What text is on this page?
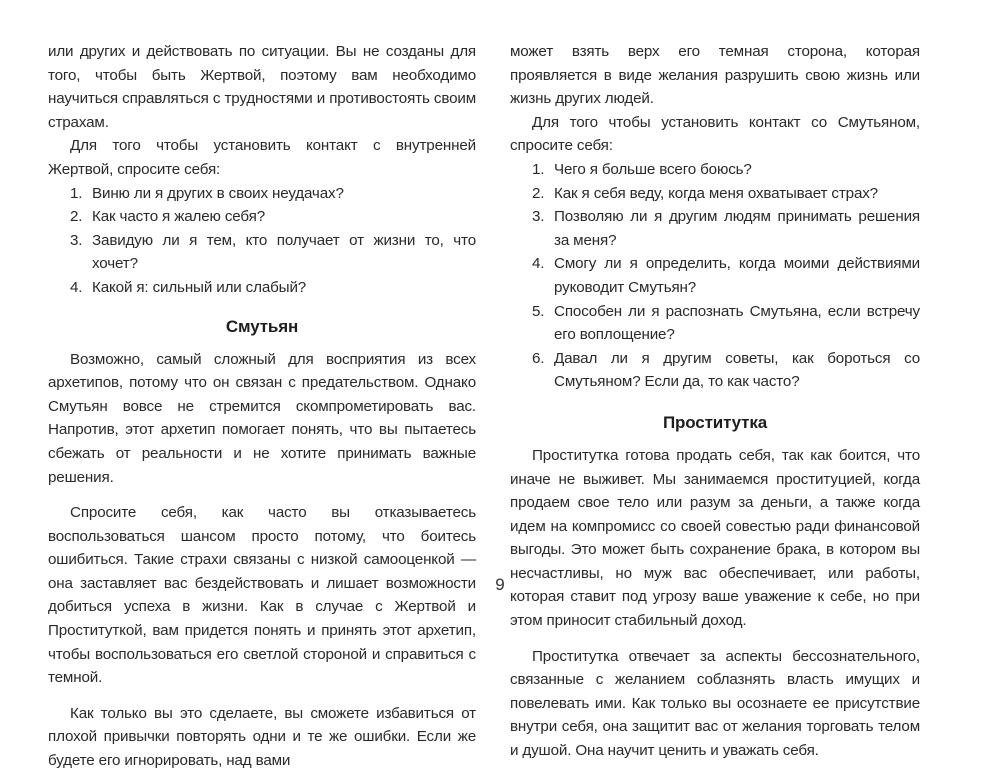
или других и действовать по ситуации. Вы не созданы для того, чтобы быть Жертвой, поэтому вам необходимо научиться справляться с трудностями и противостоять своим страхам.

Для того чтобы установить контакт с внутренней Жертвой, спросите себя:

1. Виню ли я других в своих неудачах?
2. Как часто я жалею себя?
3. Завидую ли я тем, кто получает от жизни то, что хочет?
4. Какой я: сильный или слабый?
Смутьян

Возможно, самый сложный для восприятия из всех архетипов, потому что он связан с предательством. Однако Смутьян вовсе не стремится скомпрометировать вас. Напротив, этот архетип помогает понять, что вы пытаетесь сбежать от реальности и не хотите принимать важные решения.

Спросите себя, как часто вы отказываетесь воспользоваться шансом просто потому, что боитесь ошибиться. Такие страхи связаны с низкой самооценкой — она заставляет вас бездействовать и лишает возможности добиться успеха в жизни. Как в случае с Жертвой и Проституткой, вам придется понять и принять этот архетип, чтобы воспользоваться его светлой стороной и справиться с темной.

Как только вы это сделаете, вы сможете избавиться от плохой привычки повторять одни и те же ошибки. Если же будете его игнорировать, над вами

может взять верх его темная сторона, которая проявляется в виде желания разрушить свою жизнь или жизнь других людей.

Для того чтобы установить контакт со Смутьяном, спросите себя:

1. Чего я больше всего боюсь?
2. Как я себя веду, когда меня охватывает страх?
3. Позволяю ли я другим людям принимать решения за меня?
4. Смогу ли я определить, когда моими действиями руководит Смутьян?
5. Способен ли я распознать Смутьяна, если встречу его воплощение?
6. Давал ли я другим советы, как бороться со Смутьяном? Если да, то как часто?
Проститутка

Проститутка готова продать себя, так как боится, что иначе не выживет. Мы занимаемся проституцией, когда продаем свое тело или разум за деньги, а также когда идем на компромисс со своей совестью ради финансовой выгоды. Это может быть сохранение брака, в котором вы несчастливы, но муж вас обеспечивает, или работы, которая ставит под угрозу ваше уважение к себе, но при этом приносит стабильный доход.

Проститутка отвечает за аспекты бессознательного, связанные с желанием соблазнять власть имущих и повелевать ими. Как только вы осознаете ее присутствие внутри себя, она защитит вас от желания торговать телом и душой. Она научит ценить и уважать себя.

9
